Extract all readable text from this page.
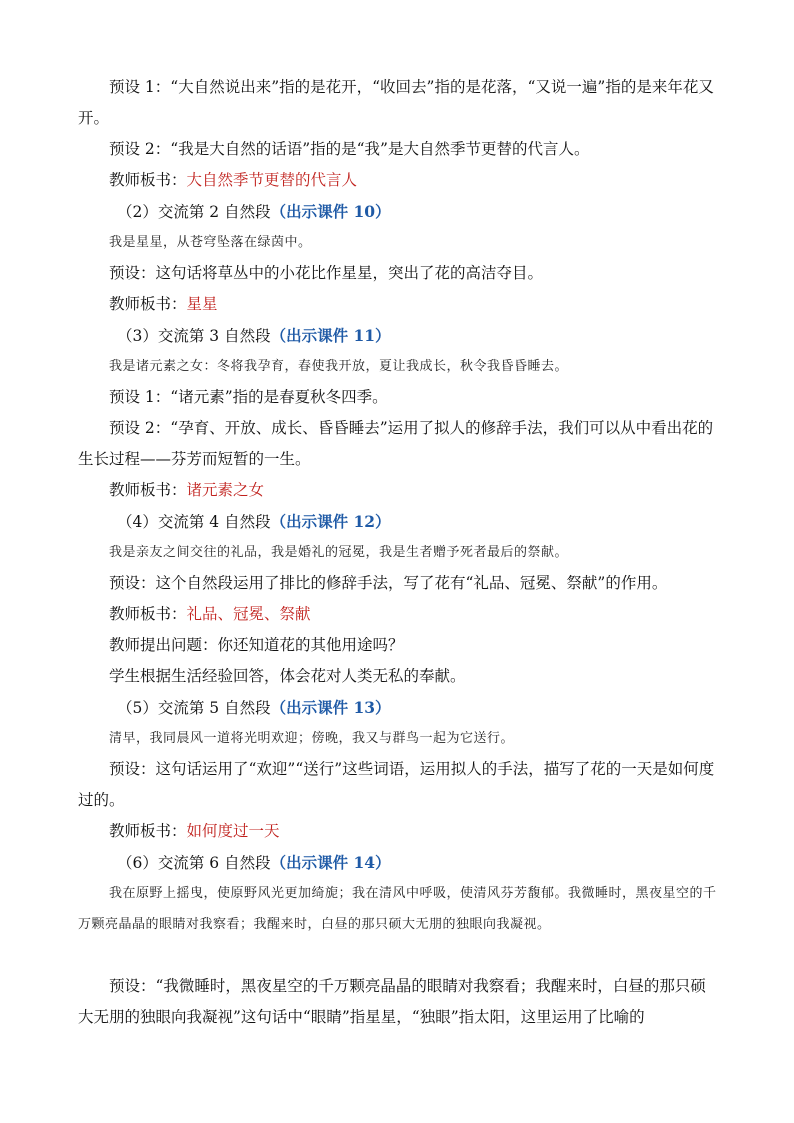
预设 1：“大自然说出来”指的是花开，“收回去”指的是花落，“又说一遍”指的是来年花又开。

预设 2：“我是大自然的话语”指的是“我”是大自然季节更替的代言人。

教师板书：大自然季节更替的代言人

（2）交流第 2 自然段（出示课件 10）

我是星星，从苍穹坠落在绿茵中。

预设：这句话将草丛中的小花比作星星，突出了花的高洁夺目。

教师板书：星星

（3）交流第 3 自然段（出示课件 11）

我是诸元素之女：冬将我孕育，春使我开放，夏让我成长，秋令我昏昏睡去。

预设 1：“诸元素”指的是春夏秋冬四季。

预设 2：“孕育、开放、成长、昏昏睡去”运用了拟人的修辞手法，我们可以从中看出花的生长过程——芬芳而短暂的一生。

教师板书：诸元素之女

（4）交流第 4 自然段（出示课件 12）

我是亲友之间交往的礼品，我是婚礼的冠冕，我是生者赠予死者最后的祭献。

预设：这个自然段运用了排比的修辞手法，写了花有“礼品、冠冕、祭献”的作用。

教师板书：礼品、冠冕、祭献

教师提出问题：你还知道花的其他用途吗？

学生根据生活经验回答，体会花对人类无私的奉献。

（5）交流第 5 自然段（出示课件 13）

清早，我同晨风一道将光明欢迎；傍晚，我又与群鸟一起为它送行。

预设：这句话运用了“欢迎”“送行”这些词语，运用拟人的手法，描写了花的一天是如何度过的。

教师板书：如何度过一天

（6）交流第 6 自然段（出示课件 14）

我在原野上摇曳，使原野风光更加绮旎；我在清风中呼吸，使清风芬芳馥郁。我微睡时，黑夜星空的千万颗亮晶晶的眼睛对我察看；我醒来时，白昼的那只硕大无朋的独眼向我凝视。

预设：“我微睡时，黑夜星空的千万颗亮晶晶的眼睛对我察看；我醒来时，白昼的那只硕大无朋的独眼向我凝视”这句话中“眼睛”指星星，“独眼”指太阳，这里运用了比喻的
